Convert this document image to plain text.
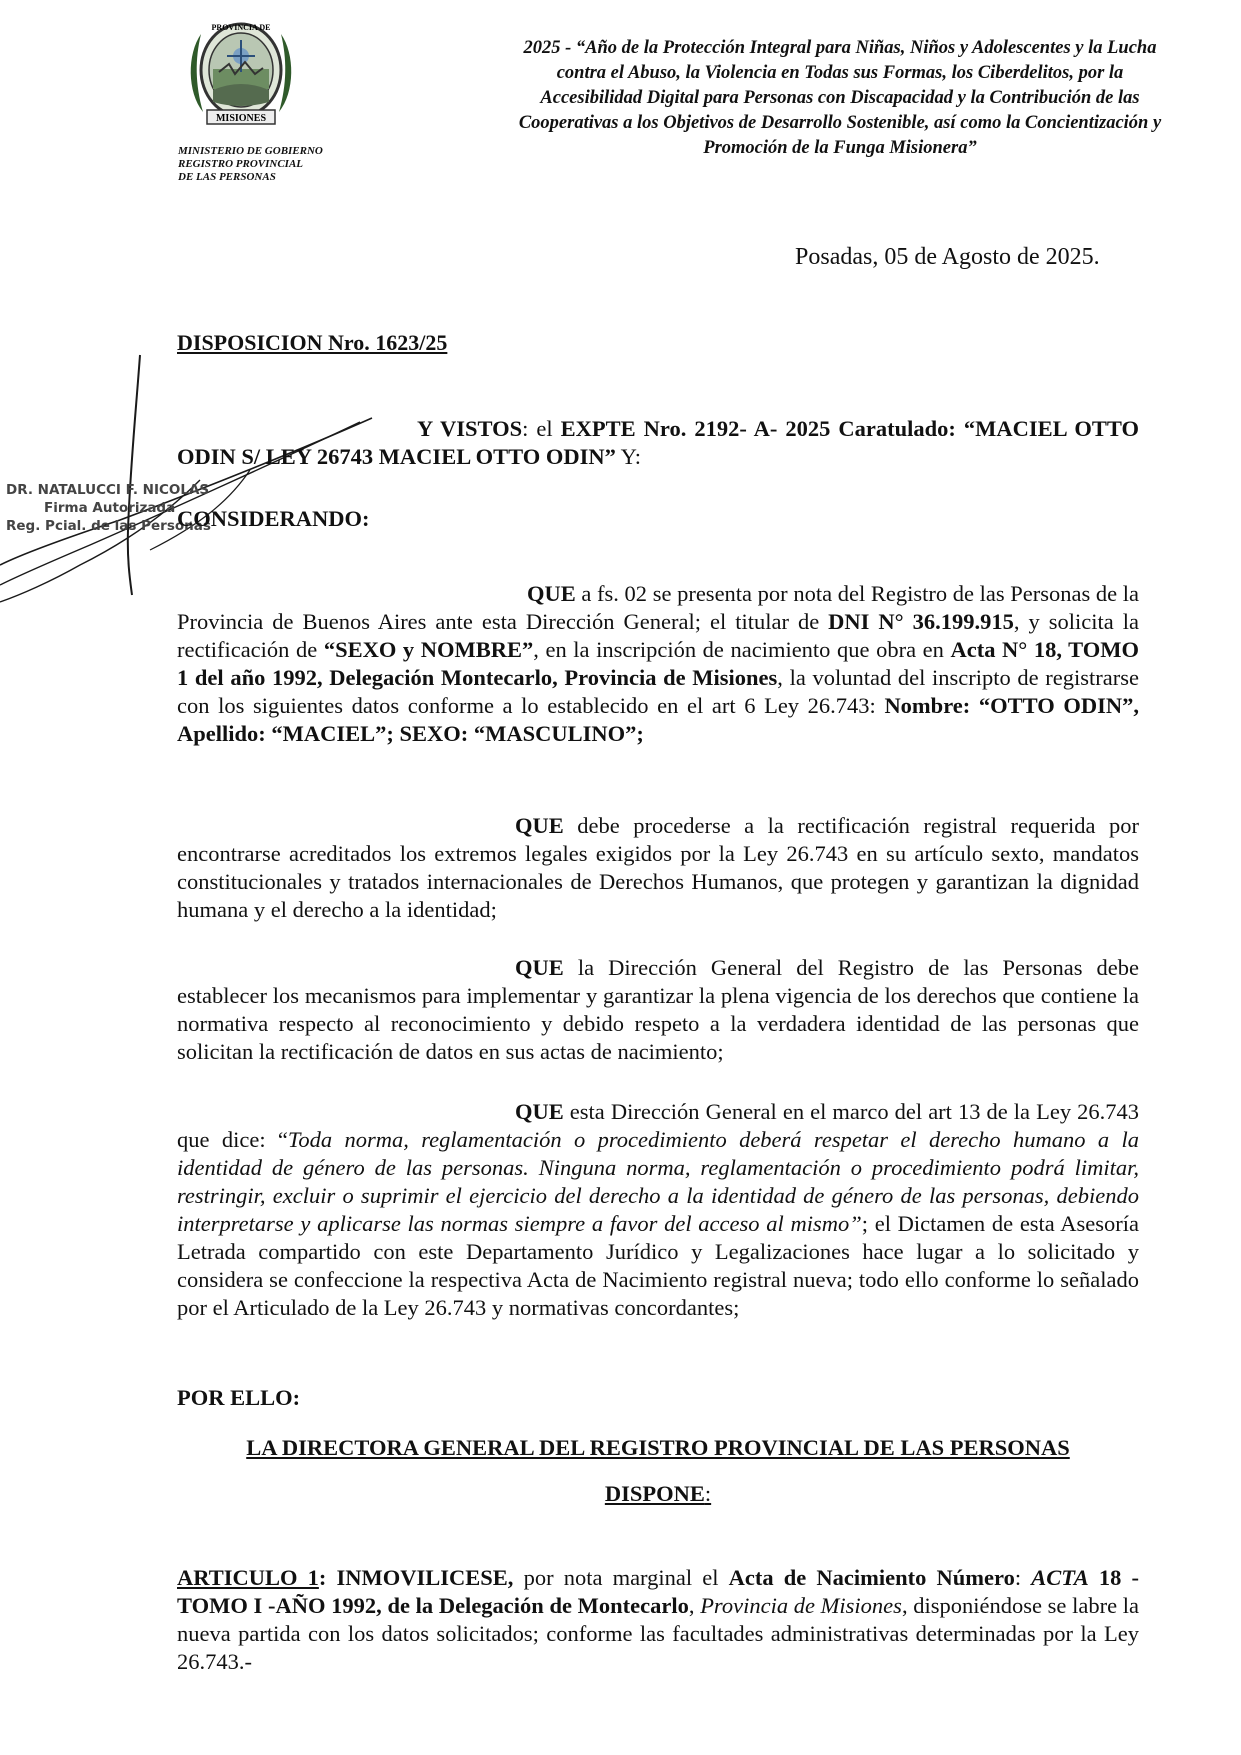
MISIONES
PROVINCIA DE
MINISTERIO DE GOBIERNO
REGISTRO PROVINCIAL
DE LAS PERSONAS
2025 - “Año de la Protección Integral para Niñas, Niños y Adolescentes y la Lucha
contra el Abuso, la Violencia en Todas sus Formas, los Ciberdelitos, por la
Accesibilidad Digital para Personas con Discapacidad y la Contribución de las
Cooperativas a los Objetivos de Desarrollo Sostenible, así como la Concientización y
Promoción de la Funga Misionera”
Posadas, 05 de Agosto de 2025.
DISPOSICION Nro. 1623/25
DR. NATALUCCI F. NICOLAS
Firma Autorizada
Reg. Pcial. de las Personas
Y VISTOS: el EXPTE Nro. 2192- A- 2025 Caratulado: “MACIEL OTTO ODIN S/ LEY 26743 MACIEL OTTO ODIN” Y:
CONSIDERANDO:
QUE a fs. 02 se presenta por nota del Registro de las Personas de la Provincia de Buenos Aires ante esta Dirección General; el titular de DNI N° 36.199.915, y solicita la rectificación de “SEXO y NOMBRE”, en la inscripción de nacimiento que obra en Acta N° 18, TOMO 1 del año 1992, Delegación Montecarlo, Provincia de Misiones, la voluntad del inscripto de registrarse con los siguientes datos conforme a lo establecido en el art 6 Ley 26.743: Nombre: “OTTO ODIN”, Apellido: “MACIEL”; SEXO: “MASCULINO”;
QUE debe procederse a la rectificación registral requerida por encontrarse acreditados los extremos legales exigidos por la Ley 26.743 en su artículo sexto, mandatos constitucionales y tratados internacionales de Derechos Humanos, que protegen y garantizan la dignidad humana y el derecho a la identidad;
QUE la Dirección General del Registro de las Personas debe establecer los mecanismos para implementar y garantizar la plena vigencia de los derechos que contiene la normativa respecto al reconocimiento y debido respeto a la verdadera identidad de las personas que solicitan la rectificación de datos en sus actas de nacimiento;
QUE esta Dirección General en el marco del art 13 de la Ley 26.743 que dice: “Toda norma, reglamentación o procedimiento deberá respetar el derecho humano a la identidad de género de las personas. Ninguna norma, reglamentación o procedimiento podrá limitar, restringir, excluir o suprimir el ejercicio del derecho a la identidad de género de las personas, debiendo interpretarse y aplicarse las normas siempre a favor del acceso al mismo”; el Dictamen de esta Asesoría Letrada compartido con este Departamento Jurídico y Legalizaciones hace lugar a lo solicitado y considera se confeccione la respectiva Acta de Nacimiento registral nueva; todo ello conforme lo señalado por el Articulado de la Ley 26.743 y normativas concordantes;
POR ELLO:
LA DIRECTORA GENERAL DEL REGISTRO PROVINCIAL DE LAS PERSONAS
DISPONE:
ARTICULO 1: INMOVILICESE, por nota marginal el Acta de Nacimiento Número: ACTA 18 - TOMO I -AÑO 1992, de la Delegación de Montecarlo, Provincia de Misiones, disponiéndose se labre la nueva partida con los datos solicitados; conforme las facultades administrativas determinadas por la Ley 26.743.-
